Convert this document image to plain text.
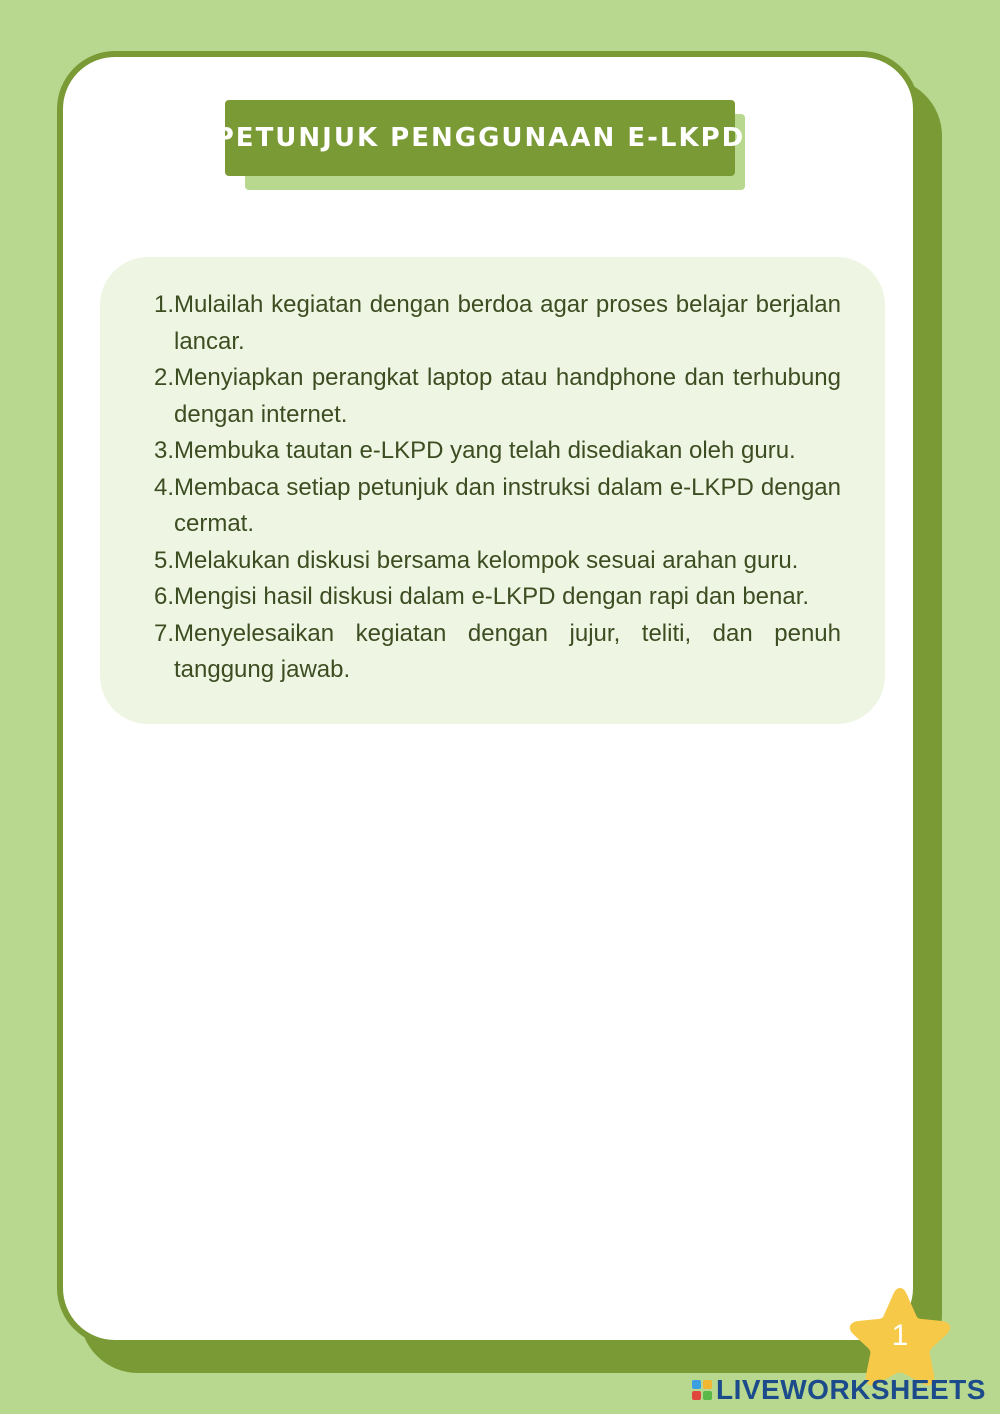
PETUNJUK PENGGUNAAN E-LKPD
1. Mulailah kegiatan dengan berdoa agar proses belajar berjalan lancar.
2. Menyiapkan perangkat laptop atau handphone dan terhubung dengan internet.
3. Membuka tautan e-LKPD yang telah disediakan oleh guru.
4. Membaca setiap petunjuk dan instruksi dalam e-LKPD dengan cermat.
5. Melakukan diskusi bersama kelompok sesuai arahan guru.
6. Mengisi hasil diskusi dalam e-LKPD dengan rapi dan benar.
7. Menyelesaikan kegiatan dengan jujur, teliti, dan penuh tanggung jawab.
1
LIVEWORKSHEETS
